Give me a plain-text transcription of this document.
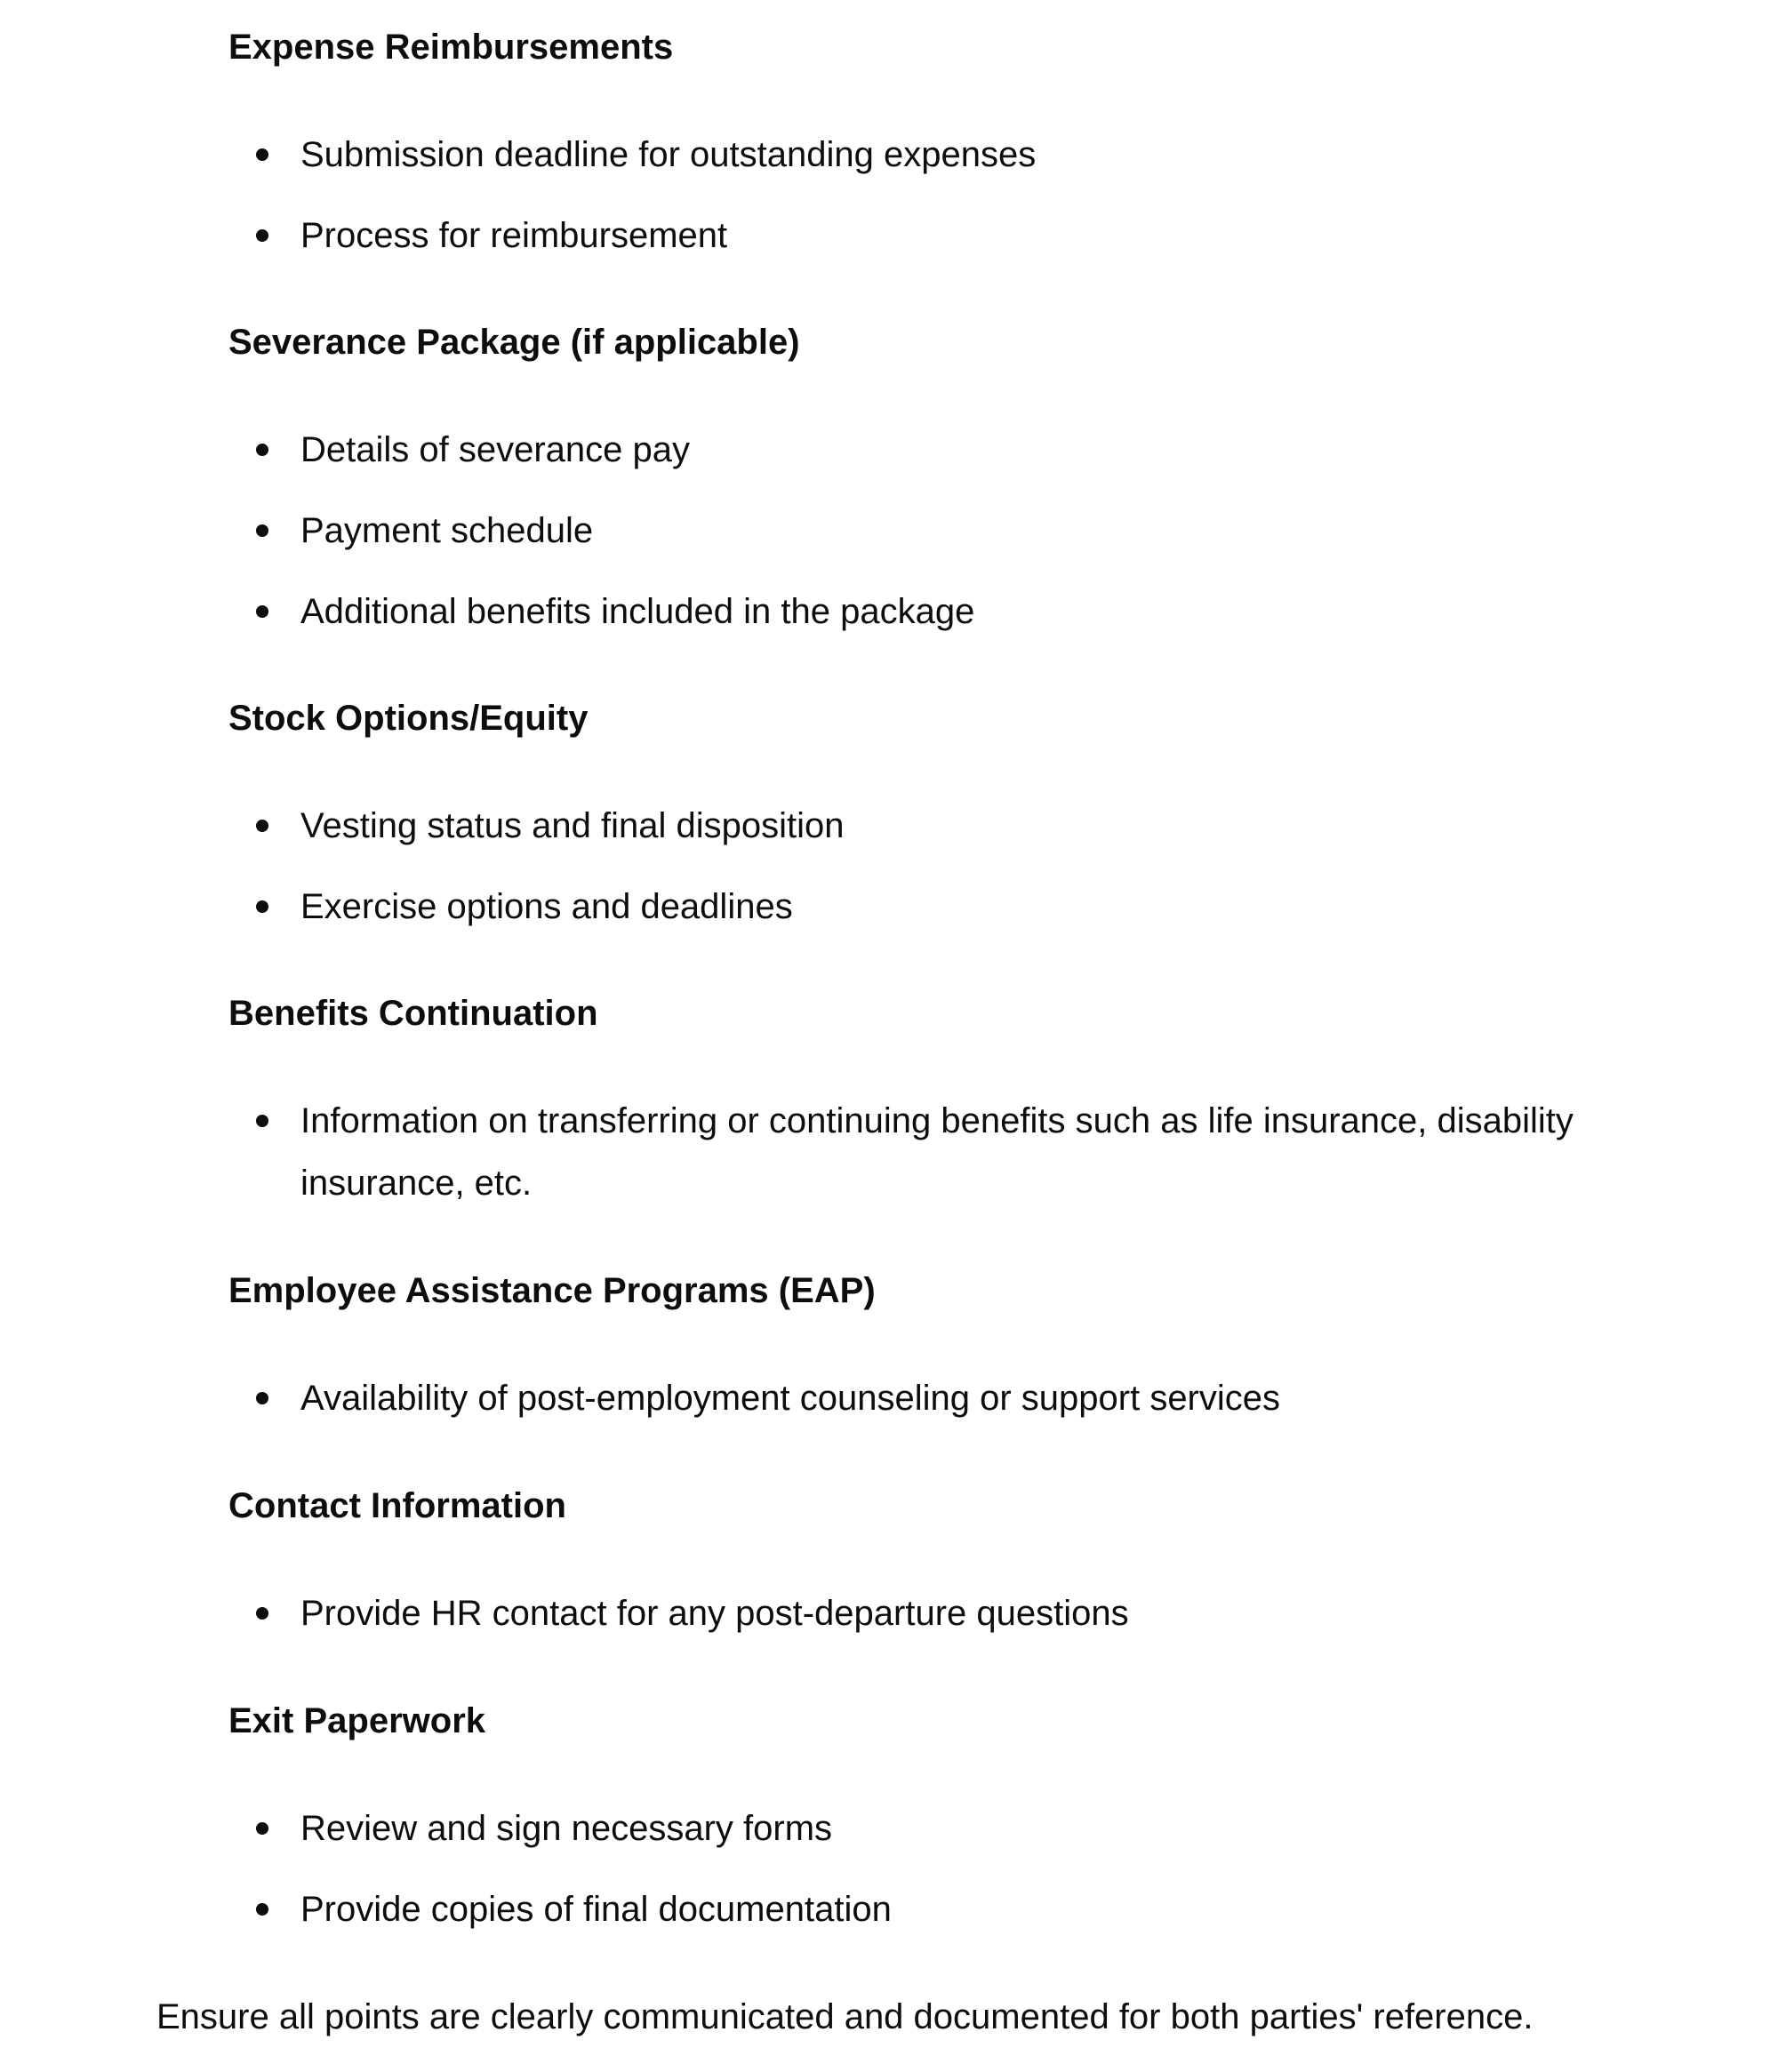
Expense Reimbursements
Submission deadline for outstanding expenses
Process for reimbursement
Severance Package (if applicable)
Details of severance pay
Payment schedule
Additional benefits included in the package
Stock Options/Equity
Vesting status and final disposition
Exercise options and deadlines
Benefits Continuation
Information on transferring or continuing benefits such as life insurance, disability insurance, etc.
Employee Assistance Programs (EAP)
Availability of post-employment counseling or support services
Contact Information
Provide HR contact for any post-departure questions
Exit Paperwork
Review and sign necessary forms
Provide copies of final documentation
Ensure all points are clearly communicated and documented for both parties' reference.
